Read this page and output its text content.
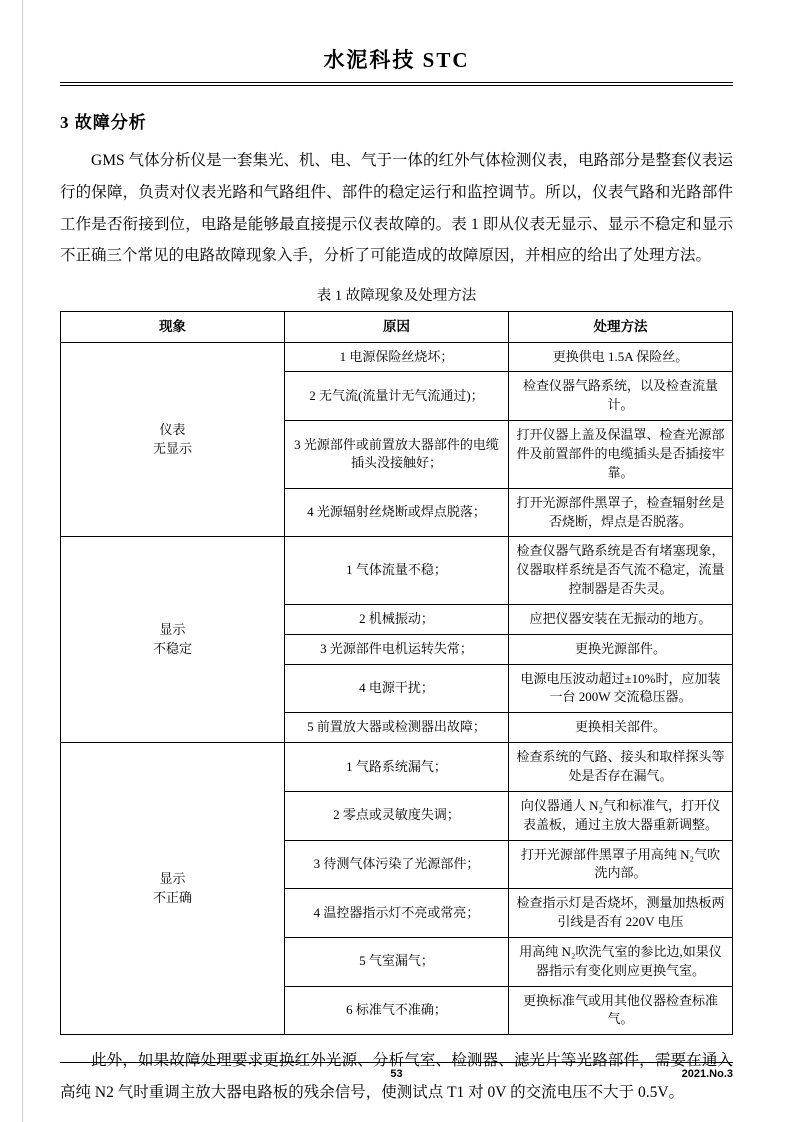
水泥科技 STC
3 故障分析

GMS 气体分析仪是一套集光、机、电、气于一体的红外气体检测仪表，电路部分是整套仪表运行的保障，负责对仪表光路和气路组件、部件的稳定运行和监控调节。所以，仪表气路和光路部件工作是否衔接到位，电路是能够最直接提示仪表故障的。表 1 即从仪表无显示、显示不稳定和显示不正确三个常见的电路故障现象入手，分析了可能造成的故障原因，并相应的给出了处理方法。

表 1 故障现象及处理方法
现象	原因	处理方法
仪表
无显示	1 电源保险丝烧坏；	更换供电 1.5A 保险丝。
	2 无气流(流量计无气流通过)；	检查仪器气路系统，以及检查流量计。
	3 光源部件或前置放大器部件的电缆插头没接触好；	打开仪器上盖及保温罩、检查光源部件及前置部件的电缆插头是否插接牢靠。
	4 光源辐射丝烧断或焊点脱落；	打开光源部件黑罩子，检查辐射丝是否烧断，焊点是否脱落。
显示
不稳定	1 气体流量不稳；	检查仪器气路系统是否有堵塞现象，仪器取样系统是否气流不稳定，流量控制器是否失灵。
	2 机械振动；	应把仪器安装在无振动的地方。
	3 光源部件电机运转失常；	更换光源部件。
	4 电源干扰；	电源电压波动超过±10%时，应加装一台 200W 交流稳压器。
	5 前置放大器或检测器出故障；	更换相关部件。
显示
不正确	1 气路系统漏气；	检查系统的气路、接头和取样探头等处是否存在漏气。
	2 零点或灵敏度失调；	向仪器通人 N₂气和标准气，打开仪表盖板，通过主放大器重新调整。
	3 待测气体污染了光源部件；	打开光源部件黑罩子用高纯 N₂气吹洗内部。
	4 温控器指示灯不亮或常亮；	检查指示灯是否烧坏，测量加热板两引线是否有 220V 电压
	5 气室漏气；	用高纯 N₂吹洗气室的参比边,如果仪器指示有变化则应更换气室。
	6 标准气不准确；	更换标准气或用其他仪器检查标准气。

此外，如果故障处理要求更换红外光源、分析气室、检测器、滤光片等光路部件，需要在通入高纯 N2 气时重调主放大器电路板的残余信号，使测试点 T1 对 0V 的交流电压不大于 0.5V。

53	2021.No.3
